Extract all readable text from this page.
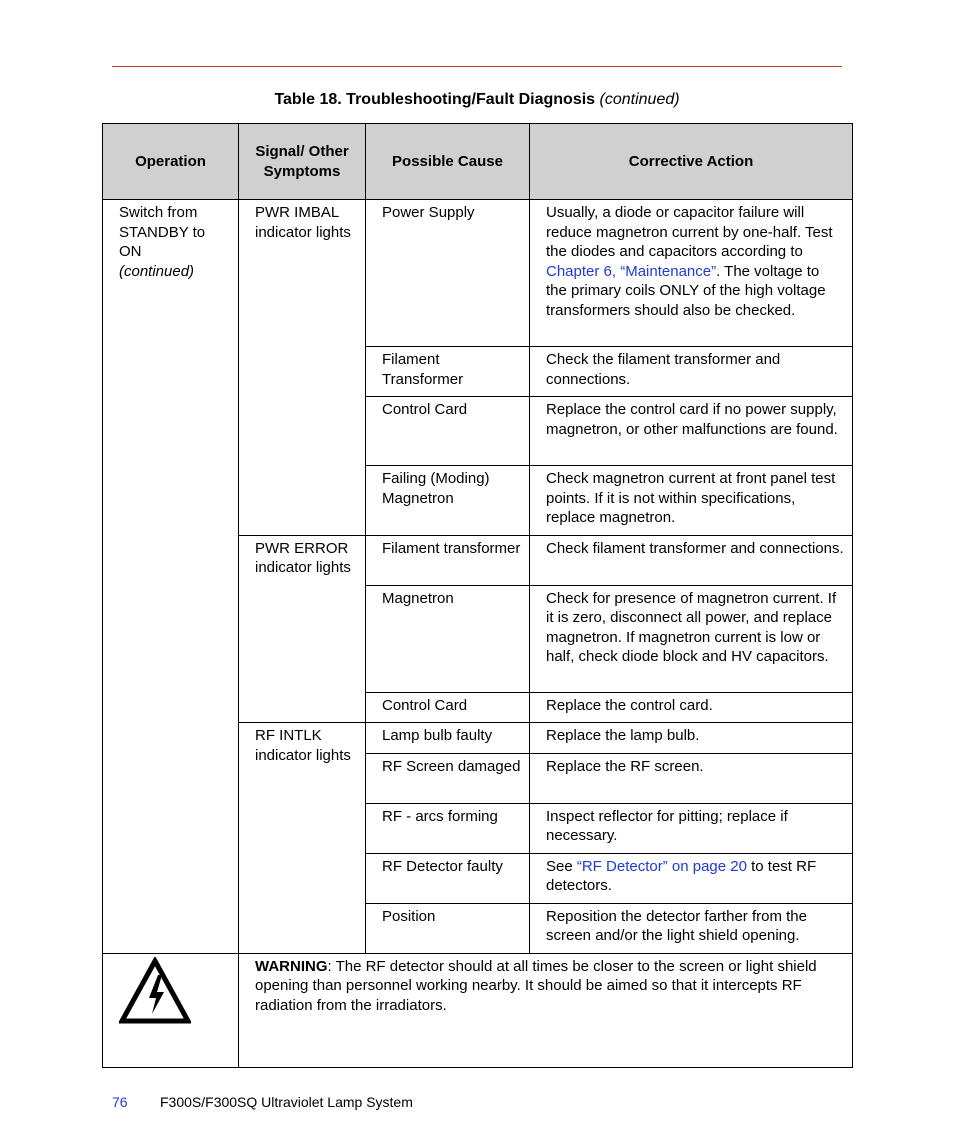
Table 18. Troubleshooting/Fault Diagnosis (continued)
Operation	Signal/ Other Symptoms	Possible Cause	Corrective Action
Switch from STANDBY to ON
(continued)	PWR IMBAL indicator lights	Power Supply	Usually, a diode or capacitor failure will reduce magnetron current by one-half. Test the diodes and capacitors according to Chapter 6, “Maintenance”. The voltage to the primary coils ONLY of the high voltage transformers should also be checked.
		Filament Transformer	Check the filament transformer and connections.
		Control Card	Replace the control card if no power supply, magnetron, or other malfunctions are found.
		Failing (Moding) Magnetron	Check magnetron current at front panel test points. If it is not within specifications, replace magnetron.
	PWR ERROR indicator lights	Filament transformer	Check filament transformer and connections.
		Magnetron	Check for presence of magnetron current. If it is zero, disconnect all power, and replace magnetron. If magnetron current is low or half, check diode block and HV capacitors.
		Control Card	Replace the control card.
	RF INTLK indicator lights	Lamp bulb faulty	Replace the lamp bulb.
		RF Screen damaged	Replace the RF screen.
		RF - arcs forming	Inspect reflector for pitting; replace if necessary.
		RF Detector faulty	See “RF Detector” on page 20 to test RF detectors.
		Position	Reposition the detector farther from the screen and/or the light shield opening.
	WARNING: The RF detector should at all times be closer to the screen or light shield opening than personnel working nearby. It should be aimed so that it intercepts RF radiation from the irradiators.		
76 F300S/F300SQ Ultraviolet Lamp System
